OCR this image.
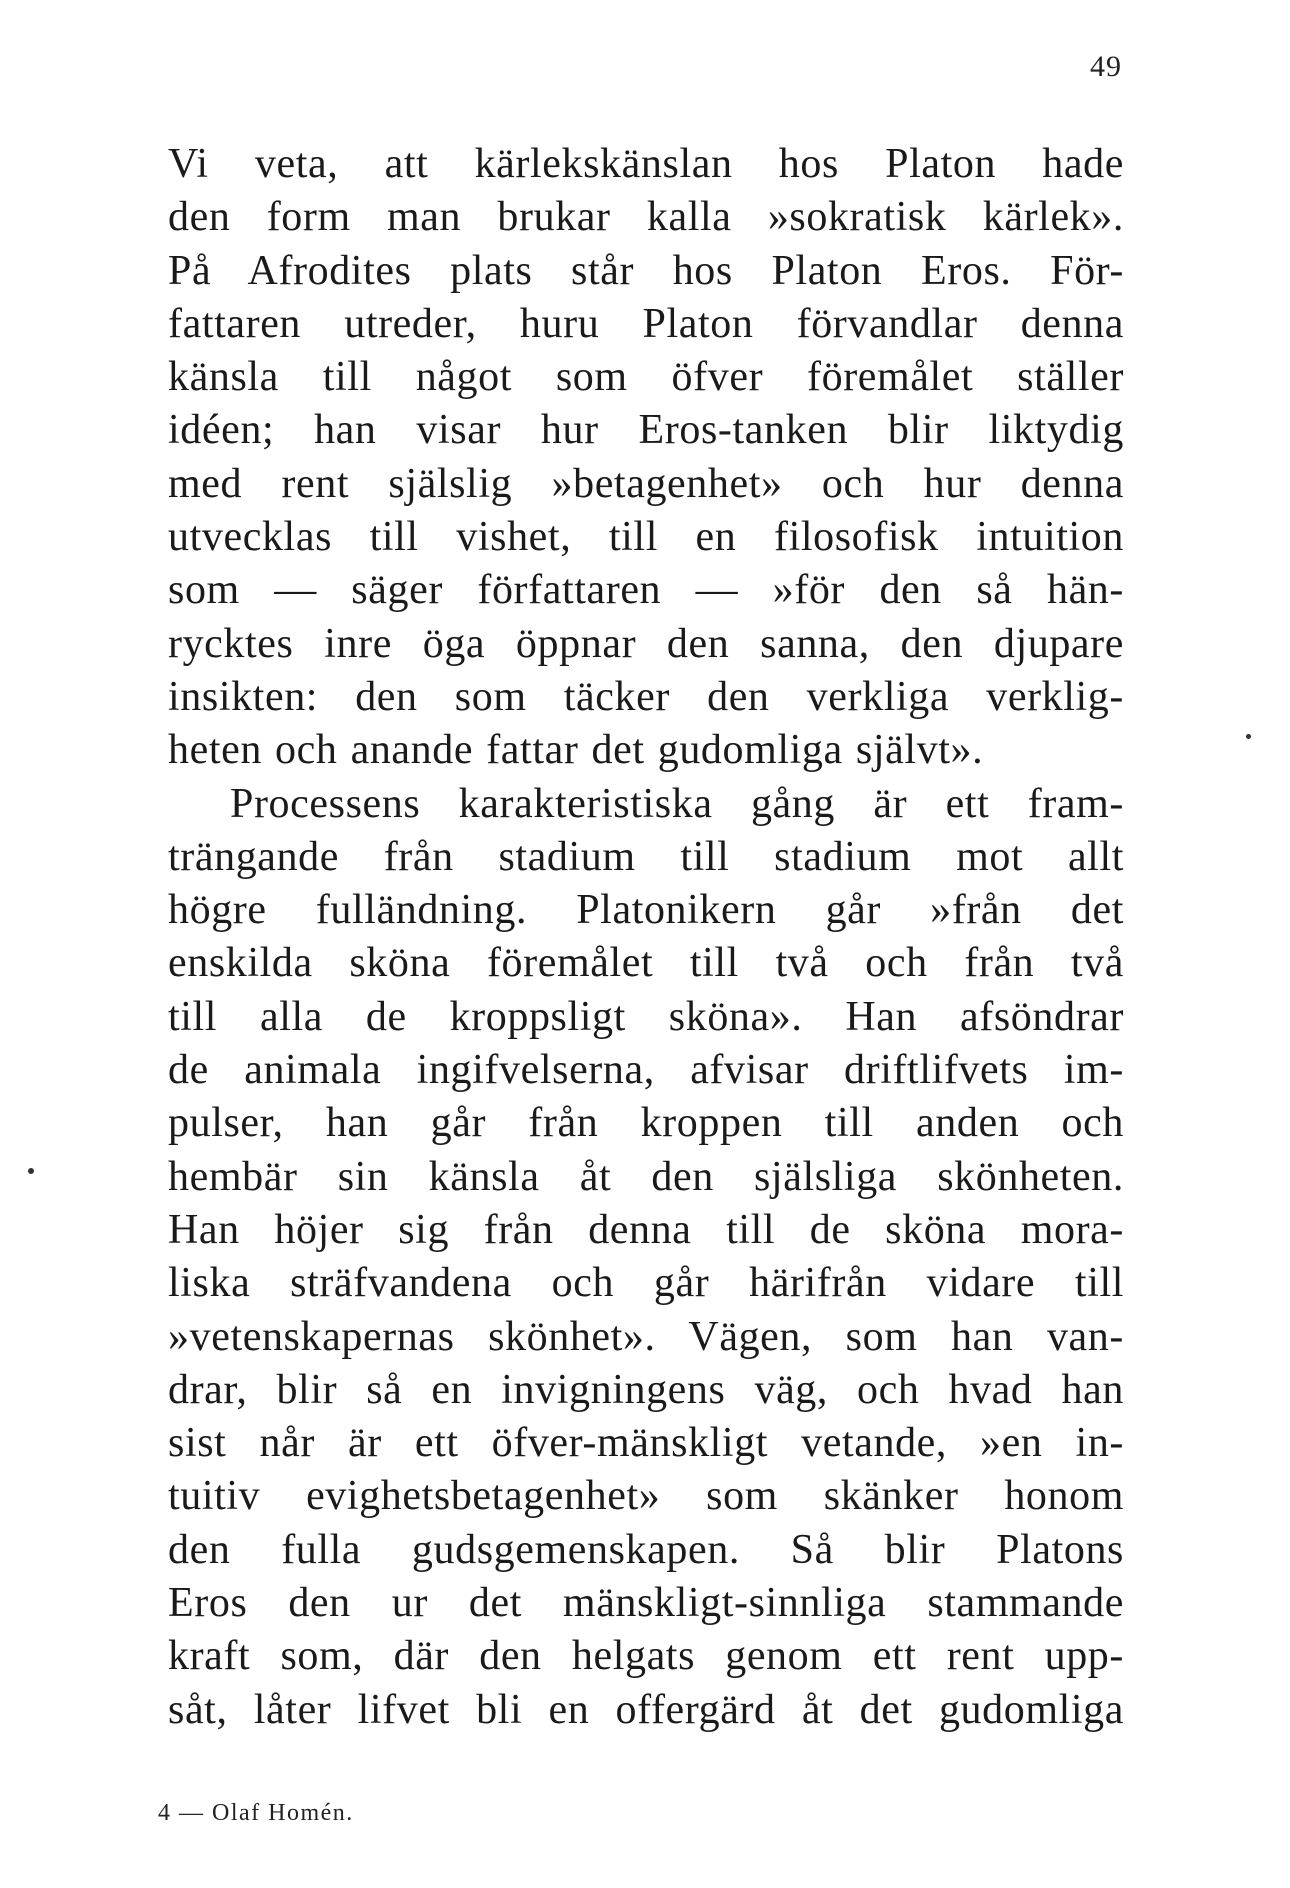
49
Vi veta, att kärlekskänslan hos Platon hade
den form man brukar kalla »sokratisk kärlek».
På Afrodites plats står hos Platon Eros. För-
fattaren utreder, huru Platon förvandlar denna
känsla till något som öfver föremålet ställer
idéen; han visar hur Eros-tanken blir liktydig
med rent själslig »betagenhet» och hur denna
utvecklas till vishet, till en filosofisk intuition
som — säger författaren — »för den så hän-
rycktes inre öga öppnar den sanna, den djupare
insikten: den som täcker den verkliga verklig-
heten och anande fattar det gudomliga självt».
Processens karakteristiska gång är ett fram-
trängande från stadium till stadium mot allt
högre fulländning. Platonikern går »från det
enskilda sköna föremålet till två och från två
till alla de kroppsligt sköna». Han afsöndrar
de animala ingifvelserna, afvisar driftlifvets im-
pulser, han går från kroppen till anden och
hembär sin känsla åt den själsliga skönheten.
Han höjer sig från denna till de sköna mora-
liska sträfvandena och går härifrån vidare till
»vetenskapernas skönhet». Vägen, som han van-
drar, blir så en invigningens väg, och hvad han
sist når är ett öfver-mänskligt vetande, »en in-
tuitiv evighetsbetagenhet» som skänker honom
den fulla gudsgemenskapen. Så blir Platons
Eros den ur det mänskligt-sinnliga stammande
kraft som, där den helgats genom ett rent upp-
såt, låter lifvet bli en offergärd åt det gudomliga
4 — Olaf Homén.
